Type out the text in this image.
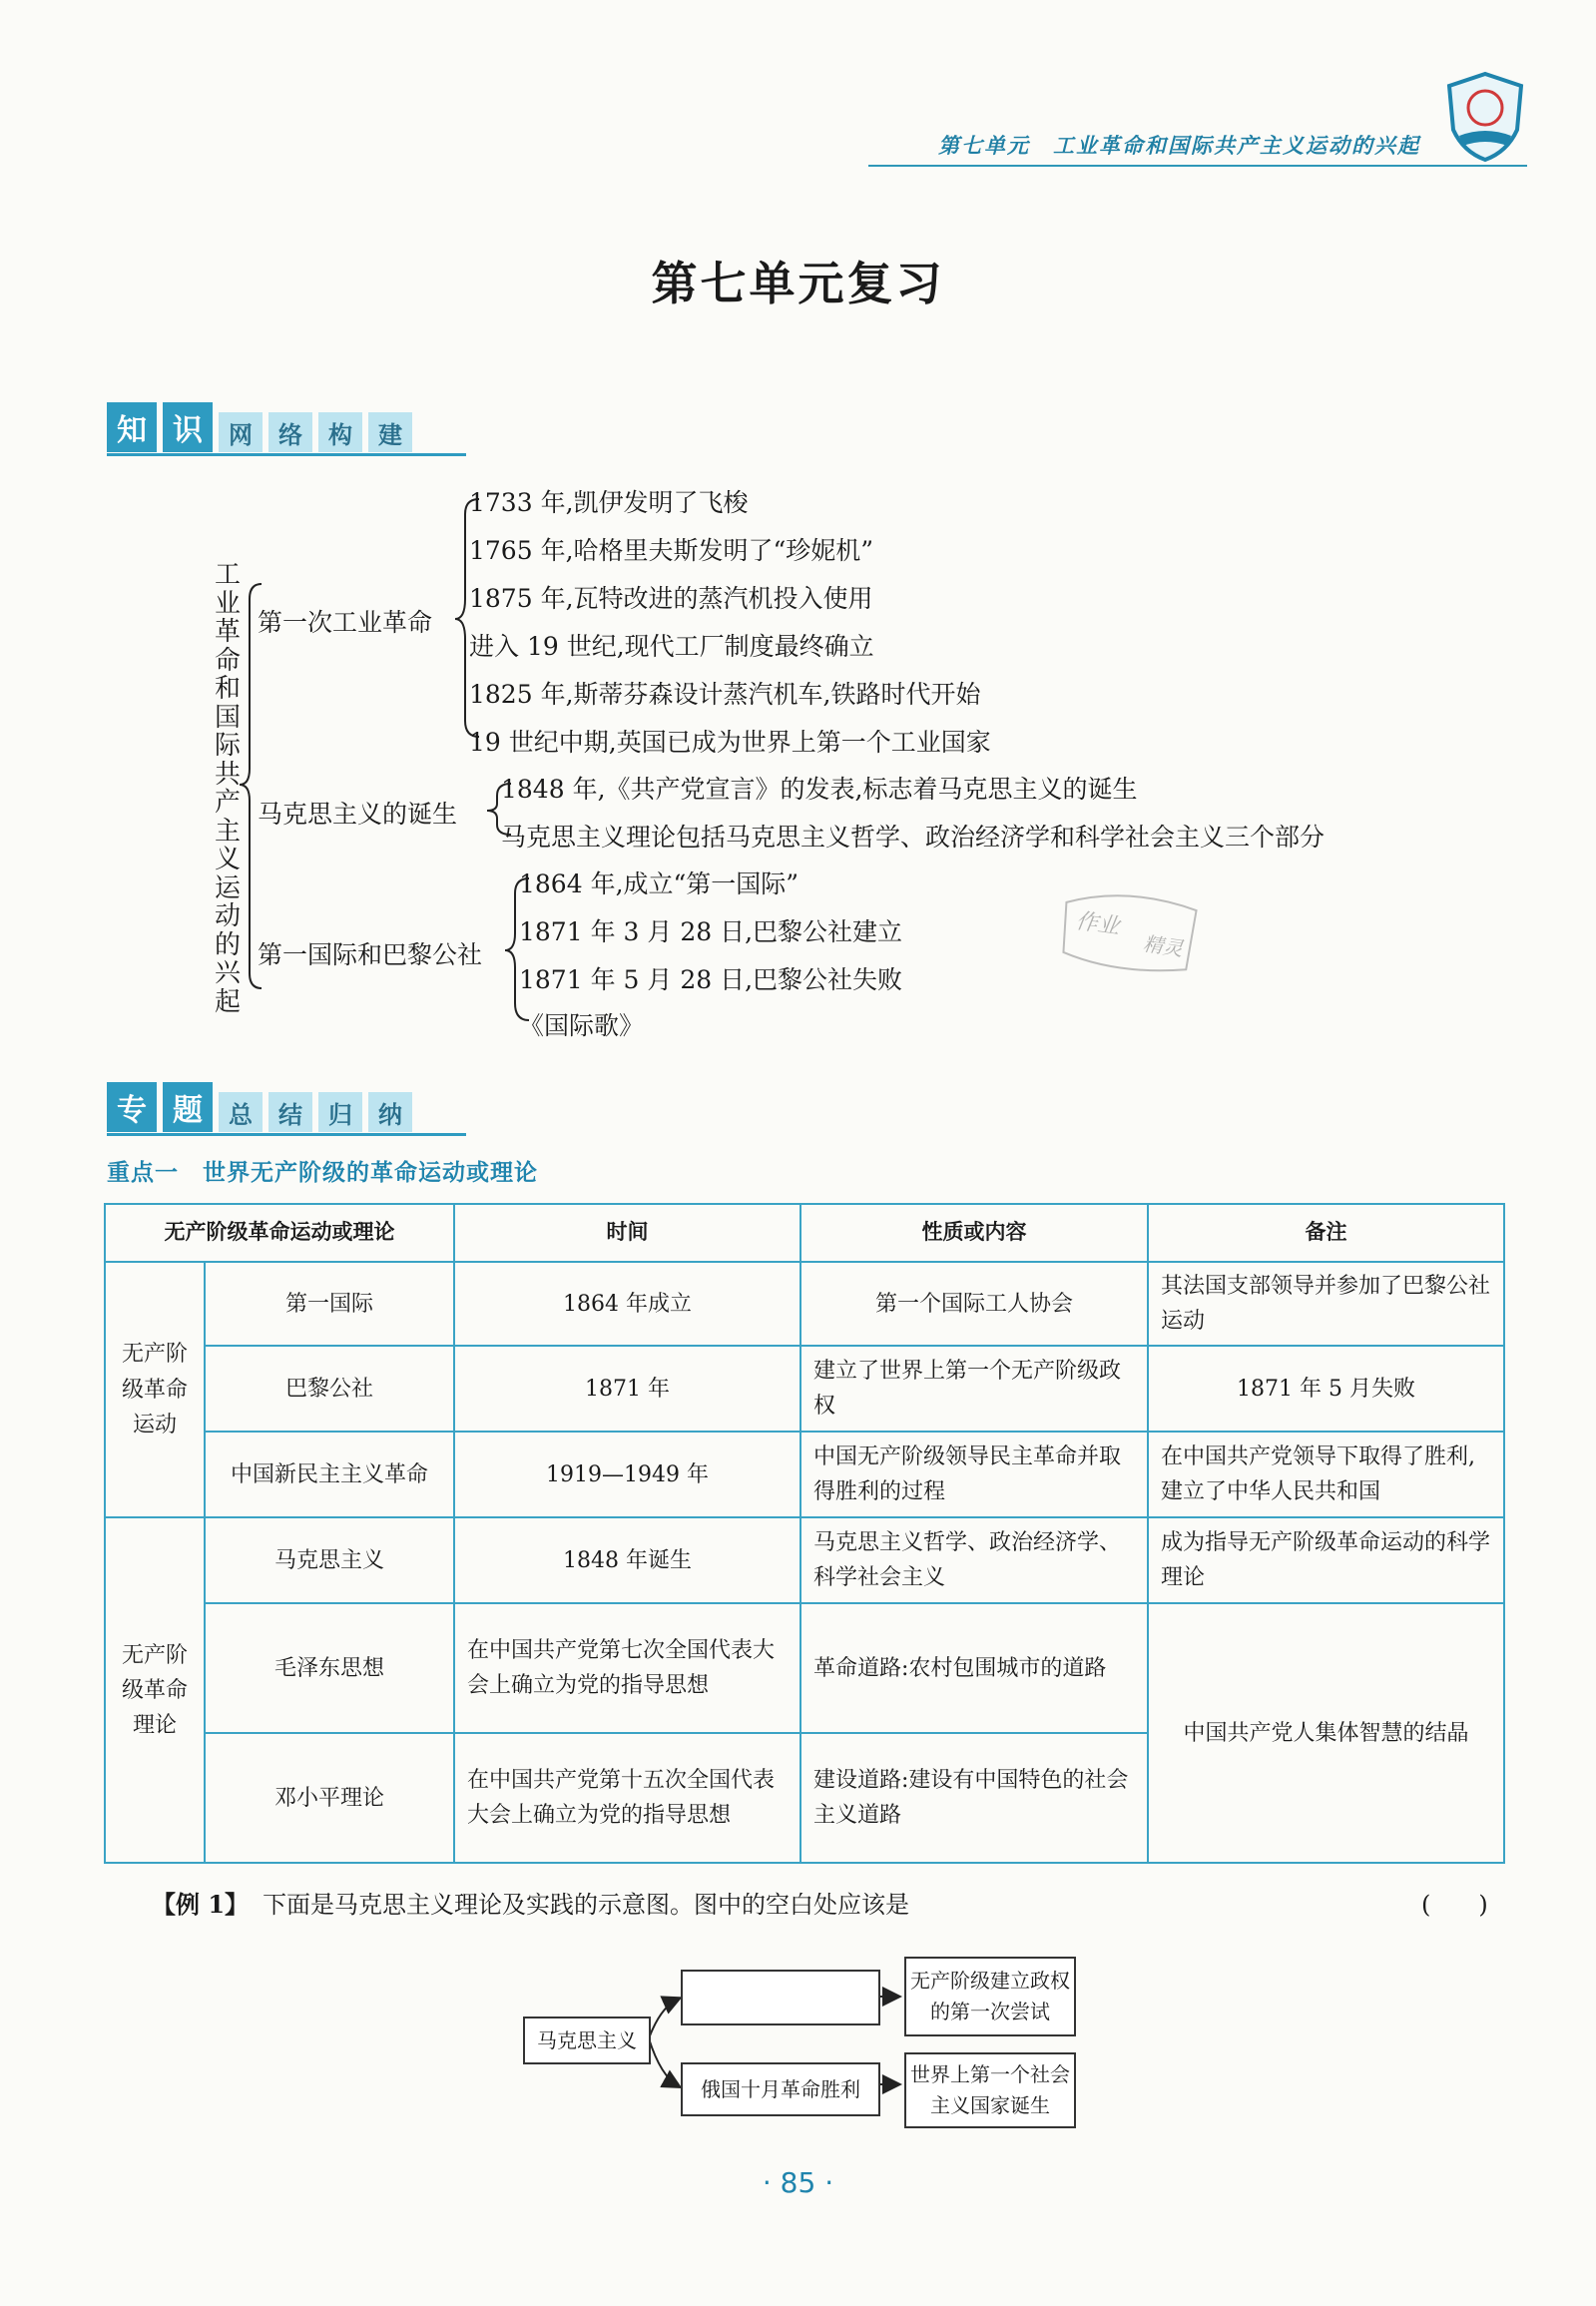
第七单元　工业革命和国际共产主义运动的兴起
第七单元复习
知 识	网	络	构	建
工业革命和国际共产主义运动的兴起
第一次工业革命
1733 年,凯伊发明了飞梭
1765 年,哈格里夫斯发明了“珍妮机”
1875 年,瓦特改进的蒸汽机投入使用
进入 19 世纪,现代工厂制度最终确立
1825 年,斯蒂芬森设计蒸汽机车,铁路时代开始
19 世纪中期,英国已成为世界上第一个工业国家
马克思主义的诞生
1848 年,《共产党宣言》的发表,标志着马克思主义的诞生
马克思主义理论包括马克思主义哲学、政治经济学和科学社会主义三个部分
第一国际和巴黎公社
1864 年,成立“第一国际”
1871 年 3 月 28 日,巴黎公社建立
1871 年 5 月 28 日,巴黎公社失败
《国际歌》
作业
精灵
专 题	总	结	归	纳
重点一　世界无产阶级的革命运动或理论
无产阶级革命运动或理论		时间	性质或内容	备注
无产阶级革命运动	第一国际	1864 年成立	第一个国际工人协会	其法国支部领导并参加了巴黎公社运动
	巴黎公社	1871 年	建立了世界上第一个无产阶级政权	1871 年 5 月失败
	中国新民主主义革命	1919—1949 年	中国无产阶级领导民主革命并取得胜利的过程	在中国共产党领导下取得了胜利,建立了中华人民共和国
无产阶级革命理论	马克思主义	1848 年诞生	马克思主义哲学、政治经济学、科学社会主义	成为指导无产阶级革命运动的科学理论
	毛泽东思想	在中国共产党第七次全国代表大会上确立为党的指导思想	革命道路:农村包围城市的道路	中国共产党人集体智慧的结晶
	邓小平理论	在中国共产党第十五次全国代表大会上确立为党的指导思想	建设道路:建设有中国特色的社会主义道路	
【例 1】 下面是马克思主义理论及实践的示意图。图中的空白处应该是	(　　)
马克思主义
俄国十月革命胜利
无产阶级建立政权的第一次尝试
世界上第一个社会主义国家诞生
· 85 ·
